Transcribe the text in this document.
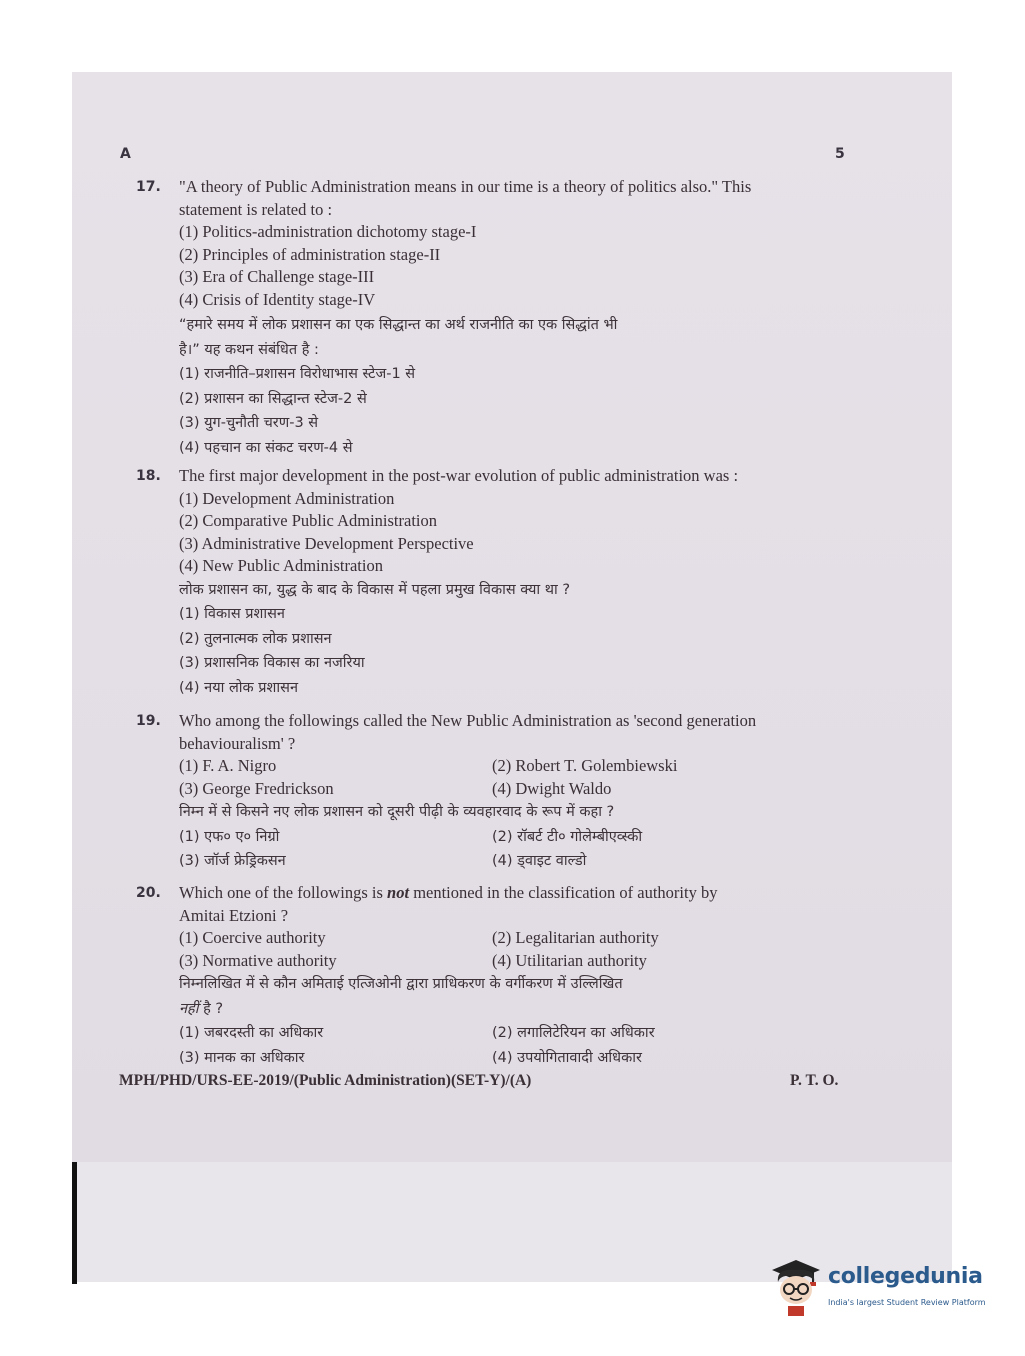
A	5
17. "A theory of Public Administration means in our time is a theory of politics also." This
statement is related to :
(1) Politics-administration dichotomy stage-I
(2) Principles of administration stage-II
(3) Era of Challenge stage-III
(4) Crisis of Identity stage-IV
“हमारे समय में लोक प्रशासन का एक सिद्धान्त का अर्थ राजनीति का एक सिद्धांत भी
है।” यह कथन संबंधित है :
(1) राजनीति–प्रशासन विरोधाभास स्टेज-1 से
(2) प्रशासन का सिद्धान्त स्टेज-2 से
(3) युग-चुनौती चरण-3 से
(4) पहचान का संकट चरण-4 से
18. The first major development in the post-war evolution of public administration was :
(1) Development Administration
(2) Comparative Public Administration
(3) Administrative Development Perspective
(4) New Public Administration
लोक प्रशासन का, युद्ध के बाद के विकास में पहला प्रमुख विकास क्या था ?
(1) विकास प्रशासन
(2) तुलनात्मक लोक प्रशासन
(3) प्रशासनिक विकास का नजरिया
(4) नया लोक प्रशासन
19. Who among the followings called the New Public Administration as 'second generation
behaviouralism' ?
(1) F. A. Nigro	(2) Robert T. Golembiewski
(3) George Fredrickson	(4) Dwight Waldo
निम्न में से किसने नए लोक प्रशासन को दूसरी पीढ़ी के व्यवहारवाद के रूप में कहा ?
(1) एफ० ए० निग्रो	(2) रॉबर्ट टी० गोलेम्बीएव्स्की
(3) जॉर्ज फ्रेड्रिकसन	(4) ड्वाइट वाल्डो
20. Which one of the followings is not mentioned in the classification of authority by
Amitai Etzioni ?
(1) Coercive authority	(2) Legalitarian authority
(3) Normative authority	(4) Utilitarian authority
निम्नलिखित में से कौन अमिताई एत्जिओनी द्वारा प्राधिकरण के वर्गीकरण में उल्लिखित
नहीं है ?
(1) जबरदस्ती का अधिकार	(2) लगालिटेरियन का अधिकार
(3) मानक का अधिकार	(4) उपयोगितावादी अधिकार
MPH/PHD/URS-EE-2019/(Public Administration)(SET-Y)/(A)	P. T. O.
collegedunia
India's largest Student Review Platform
